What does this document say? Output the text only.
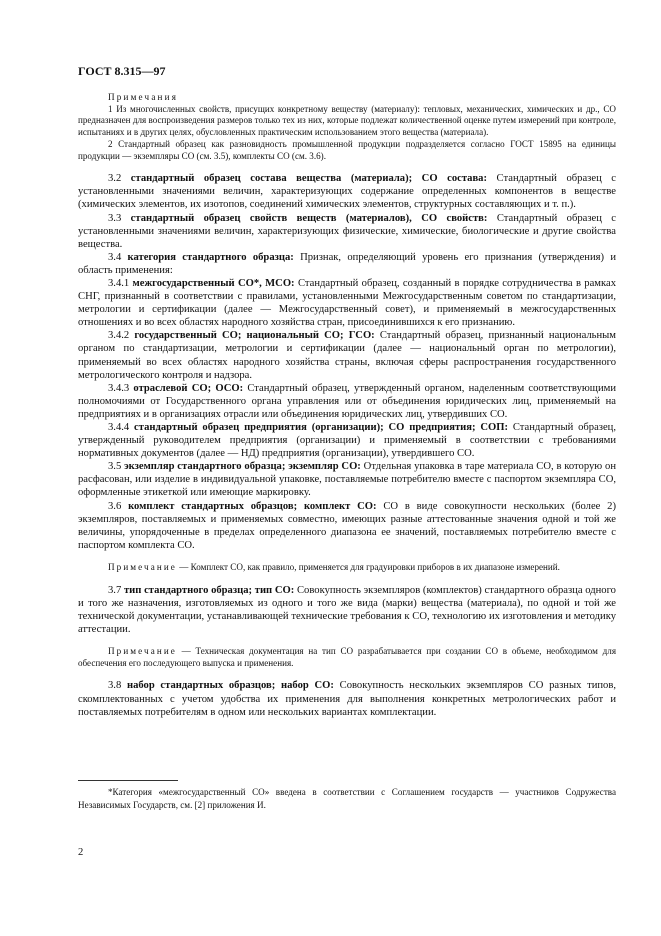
ГОСТ 8.315—97

Примечания

1 Из многочисленных свойств, присущих конкретному веществу (материалу): тепловых, механических, химических и др., СО предназначен для воспроизведения размеров только тех из них, которые подлежат количественной оценке путем измерений при контроле, испытаниях и в других целях, обусловленных практическим использованием этого вещества (материала).

2 Стандартный образец как разновидность промышленной продукции подразделяется согласно ГОСТ 15895 на единицы продукции — экземпляры СО (см. 3.5), комплекты СО (см. 3.6).

3.2 стандартный образец состава вещества (материала); СО состава: Стандартный образец с установленными значениями величин, характеризующих содержание определенных компонентов в веществе (химических элементов, их изотопов, соединений химических элементов, структурных составляющих и т. п.).

3.3 стандартный образец свойств веществ (материалов), СО свойств: Стандартный образец с установленными значениями величин, характеризующих физические, химические, биологические и другие свойства вещества.

3.4 категория стандартного образца: Признак, определяющий уровень его признания (утверждения) и область применения:

3.4.1 межгосударственный СО*, МСО: Стандартный образец, созданный в порядке сотрудничества в рамках СНГ, признанный в соответствии с правилами, установленными Межгосударственным советом по стандартизации, метрологии и сертификации (далее — Межгосударственный совет), и применяемый в межгосударственных отношениях и во всех областях народного хозяйства стран, присоединившихся к его признанию.

3.4.2 государственный СО; национальный СО; ГСО: Стандартный образец, признанный национальным органом по стандартизации, метрологии и сертификации (далее — национальный орган по метрологии), применяемый во всех областях народного хозяйства страны, включая сферы распространения государственного метрологического контроля и надзора.

3.4.3 отраслевой СО; ОСО: Стандартный образец, утвержденный органом, наделенным соответствующими полномочиями от Государственного органа управления или от объединения юридических лиц, применяемый на предприятиях и в организациях отрасли или объединения юридических лиц, утвердивших СО.

3.4.4 стандартный образец предприятия (организации); СО предприятия; СОП: Стандартный образец, утвержденный руководителем предприятия (организации) и применяемый в соответствии с требованиями нормативных документов (далее — НД) предприятия (организации), утвердившего СО.

3.5 экземпляр стандартного образца; экземпляр СО: Отдельная упаковка в таре материала СО, в которую он расфасован, или изделие в индивидуальной упаковке, поставляемые потребителю вместе с паспортом экземпляра СО, оформленные этикеткой или имеющие маркировку.

3.6 комплект стандартных образцов; комплект СО: СО в виде совокупности нескольких (более 2) экземпляров, поставляемых и применяемых совместно, имеющих разные аттестованные значения одной и той же величины, упорядоченные в пределах определенного диапазона ее значений, поставляемых потребителю вместе с паспортом комплекта СО.

Примечание — Комплект СО, как правило, применяется для градуировки приборов в их диапазоне измерений.

3.7 тип стандартного образца; тип СО: Совокупность экземпляров (комплектов) стандартного образца одного и того же назначения, изготовляемых из одного и того же вида (марки) вещества (материала), по одной и той же технической документации, устанавливающей технические требования к СО, технологию их изготовления и методику аттестации.

Примечание — Техническая документация на тип СО разрабатывается при создании СО в объеме, необходимом для обеспечения его последующего выпуска и применения.

3.8 набор стандартных образцов; набор СО: Совокупность нескольких экземпляров СО разных типов, скомплектованных с учетом удобства их применения для выполнения конкретных метрологических работ и поставляемых потребителям в одном или нескольких вариантах комплектации.

*Категория «межгосударственный СО» введена в соответствии с Соглашением государств — участников Содружества Независимых Государств, см. [2] приложения И.
2
